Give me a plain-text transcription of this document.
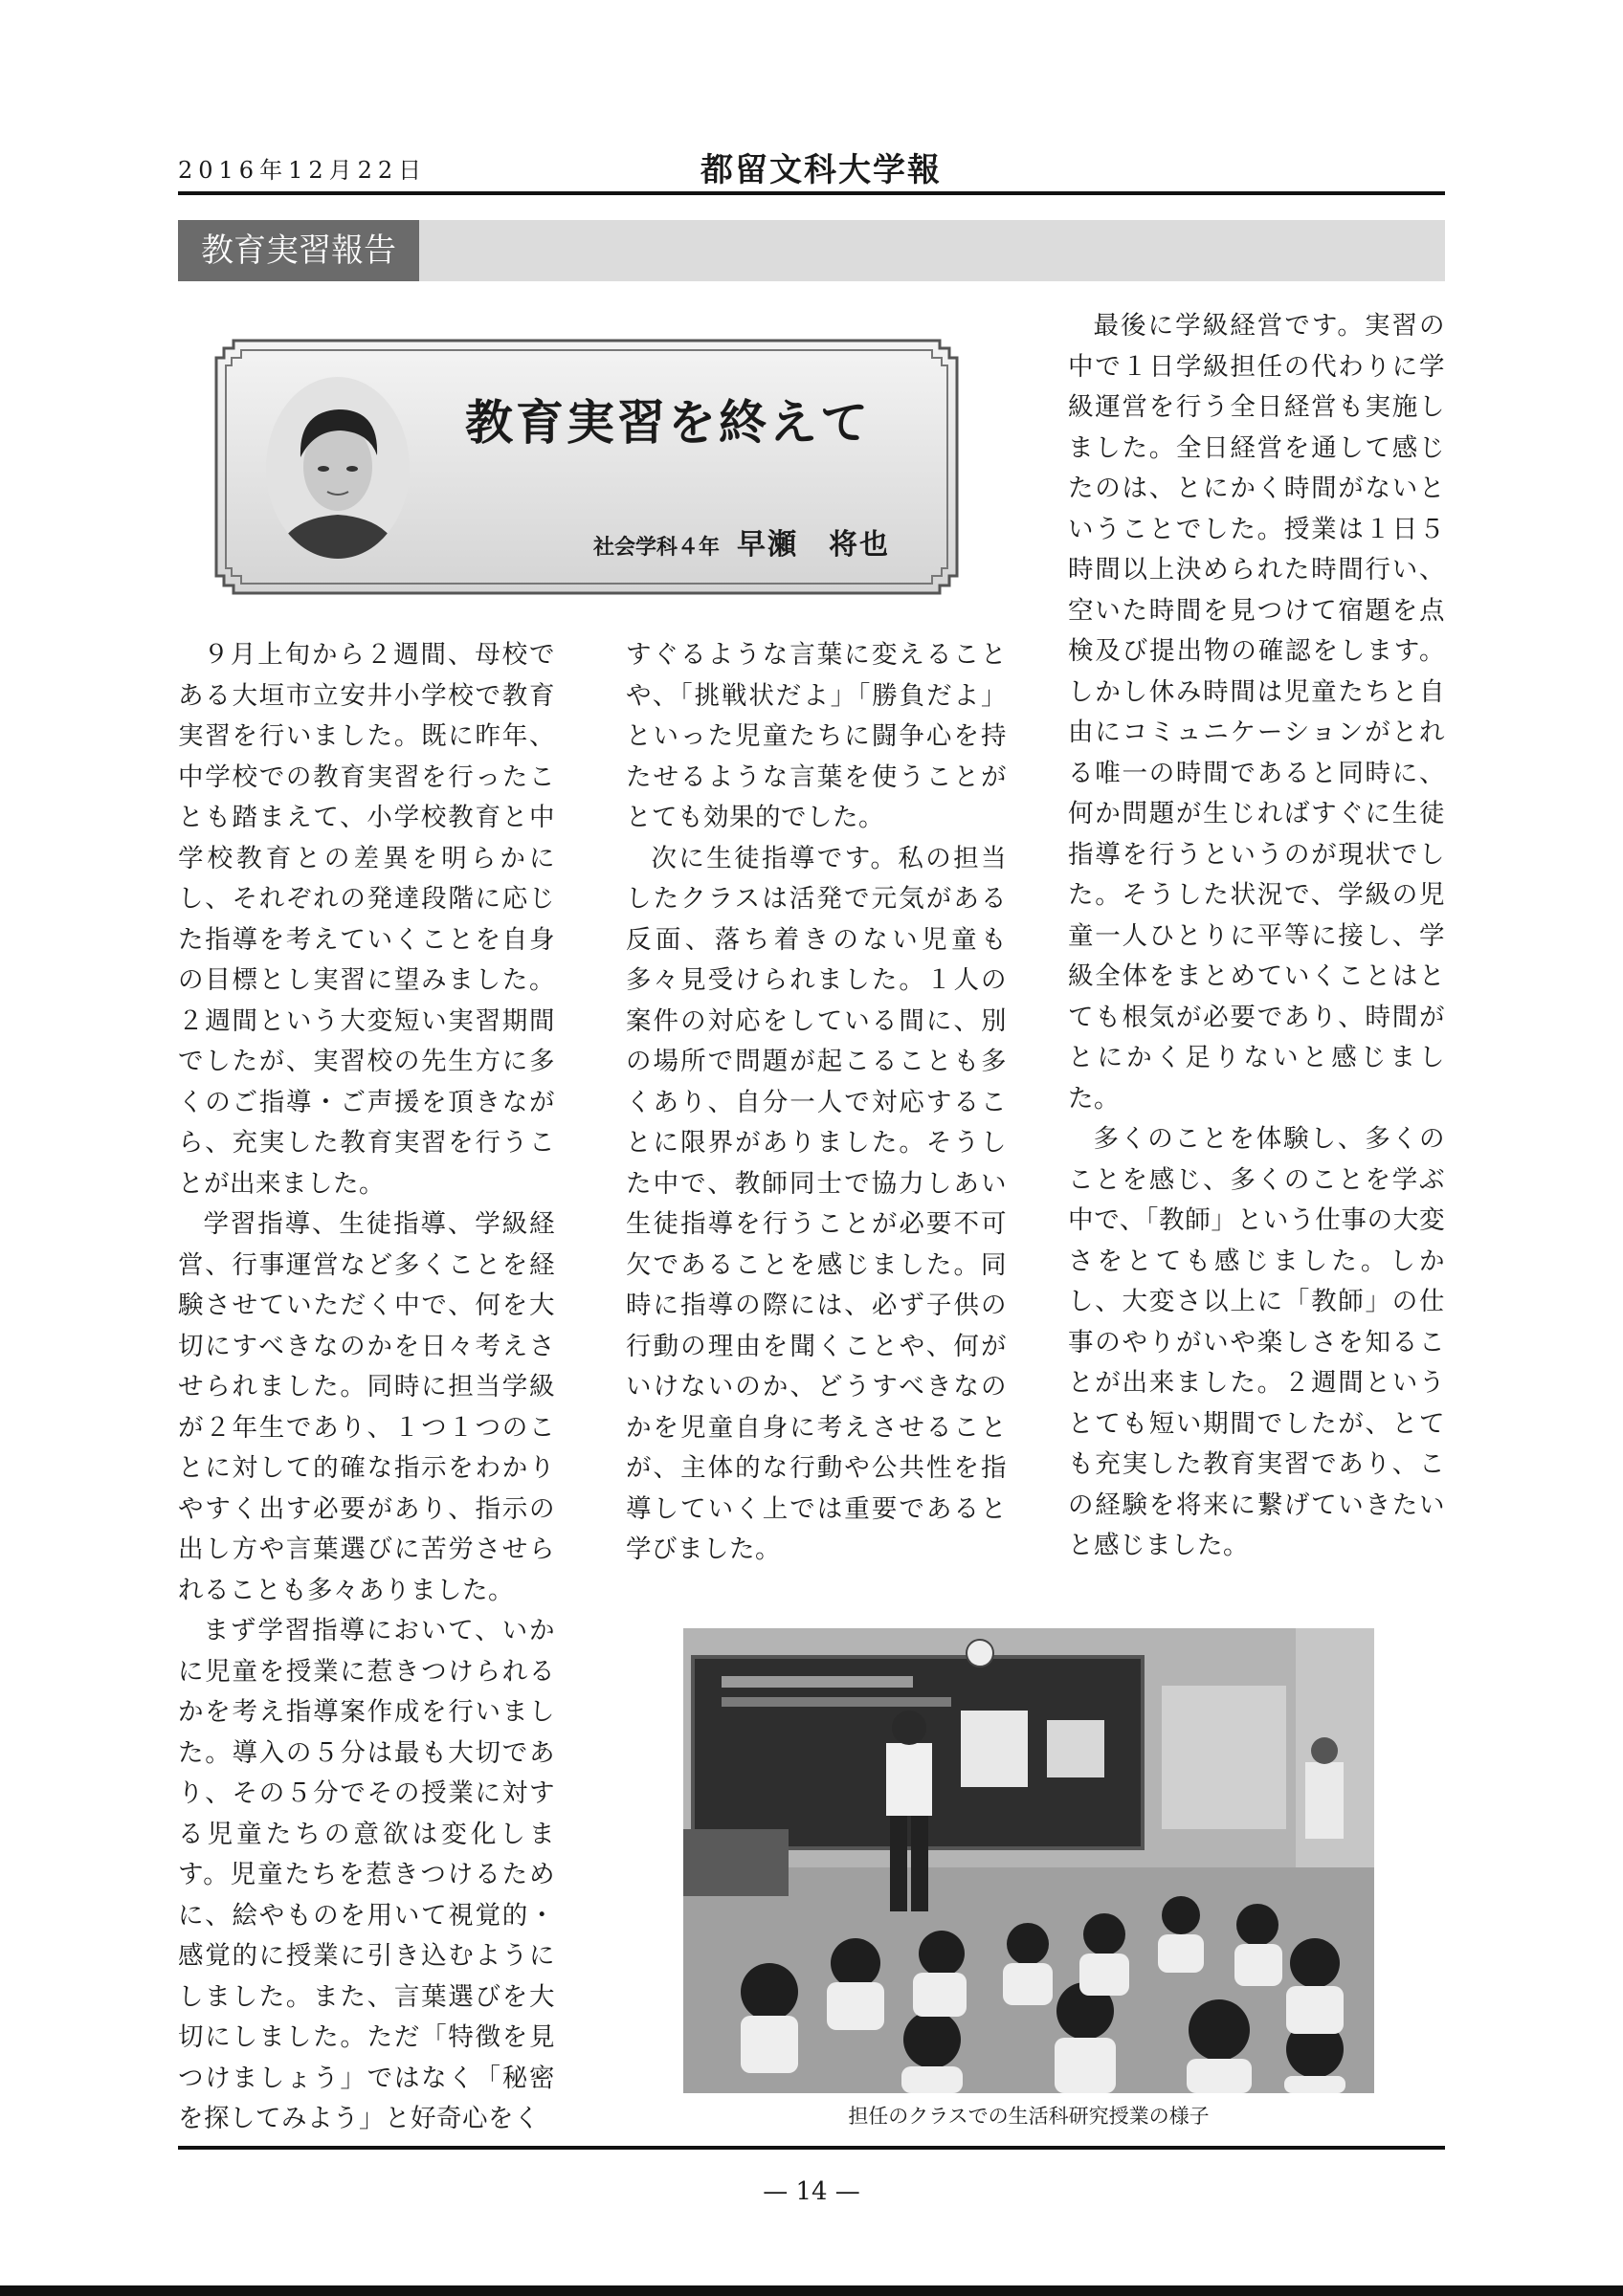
2016年12月22日	都留文科大学報
教育実習報告
教育実習を終えて
社会学科４年 早瀬　将也

９月上旬から２週間、母校である大垣市立安井小学校で教育実習を行いました。既に昨年、中学校での教育実習を行ったことも踏まえて、小学校教育と中学校教育との差異を明らかにし、それぞれの発達段階に応じた指導を考えていくことを自身の目標とし実習に望みました。２週間という大変短い実習期間でしたが、実習校の先生方に多くのご指導・ご声援を頂きながら、充実した教育実習を行うことが出来ました。

学習指導、生徒指導、学級経営、行事運営など多くことを経験させていただく中で、何を大切にすべきなのかを日々考えさせられました。同時に担当学級が２年生であり、１つ１つのことに対して的確な指示をわかりやすく出す必要があり、指示の出し方や言葉選びに苦労させられることも多々ありました。

まず学習指導において、いかに児童を授業に惹きつけられるかを考え指導案作成を行いました。導入の５分は最も大切であり、その５分でその授業に対する児童たちの意欲は変化します。児童たちを惹きつけるために、絵やものを用いて視覚的・感覚的に授業に引き込むようにしました。また、言葉選びを大切にしました。ただ「特徴を見つけましょう」ではなく「秘密を探してみよう」と好奇心をく

すぐるような言葉に変えることや、「挑戦状だよ」「勝負だよ」といった児童たちに闘争心を持たせるような言葉を使うことがとても効果的でした。

次に生徒指導です。私の担当したクラスは活発で元気がある反面、落ち着きのない児童も多々見受けられました。１人の案件の対応をしている間に、別の場所で問題が起こることも多くあり、自分一人で対応することに限界がありました。そうした中で、教師同士で協力しあい生徒指導を行うことが必要不可欠であることを感じました。同時に指導の際には、必ず子供の行動の理由を聞くことや、何がいけないのか、どうすべきなのかを児童自身に考えさせることが、主体的な行動や公共性を指導していく上では重要であると学びました。

最後に学級経営です。実習の中で１日学級担任の代わりに学級運営を行う全日経営も実施しました。全日経営を通して感じたのは、とにかく時間がないということでした。授業は１日５時間以上決められた時間行い、空いた時間を見つけて宿題を点検及び提出物の確認をします。しかし休み時間は児童たちと自由にコミュニケーションがとれる唯一の時間であると同時に、何か問題が生じればすぐに生徒指導を行うというのが現状でした。そうした状況で、学級の児童一人ひとりに平等に接し、学級全体をまとめていくことはとても根気が必要であり、時間がとにかく足りないと感じました。

多くのことを体験し、多くのことを感じ、多くのことを学ぶ中で、「教師」という仕事の大変さをとても感じました。しかし、大変さ以上に「教師」の仕事のやりがいや楽しさを知ることが出来ました。２週間というとても短い期間でしたが、とても充実した教育実習であり、この経験を将来に繋げていきたいと感じました。

担任のクラスでの生活科研究授業の様子
— 14 —
